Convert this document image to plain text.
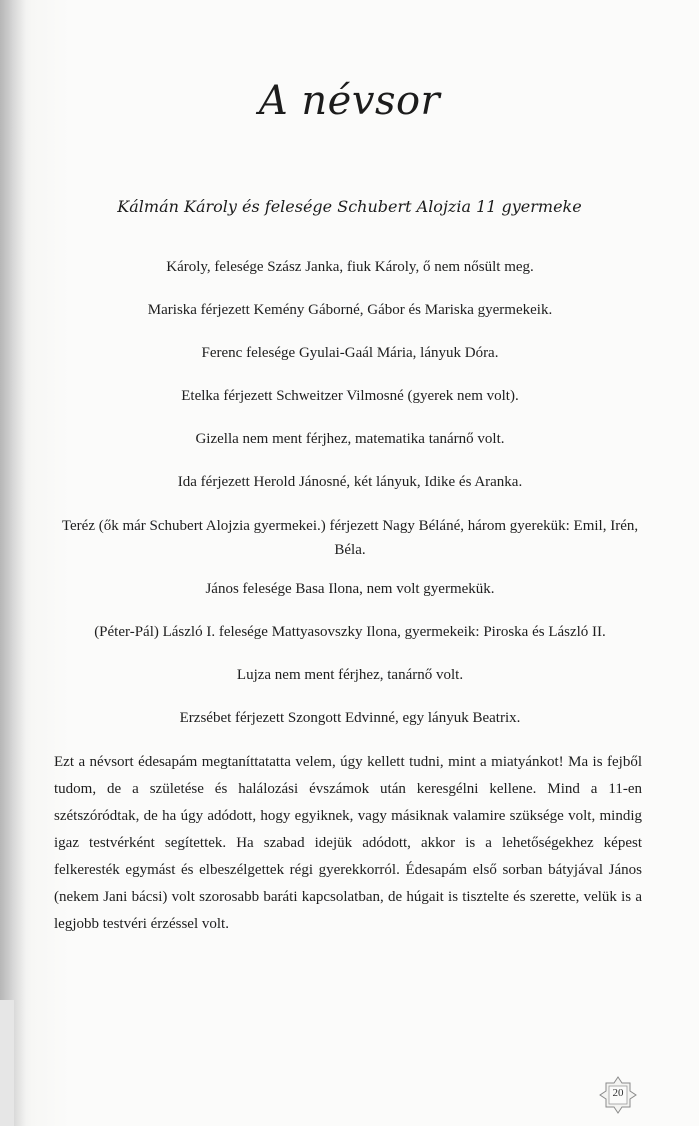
A névsor
Kálmán Károly és felesége Schubert Alojzia 11 gyermeke

Károly, felesége Szász Janka, fiuk Károly, ő nem nősült meg.

Mariska férjezett Kemény Gáborné, Gábor és Mariska gyermekeik.

Ferenc felesége Gyulai-Gaál Mária, lányuk Dóra.

Etelka férjezett Schweitzer Vilmosné (gyerek nem volt).

Gizella nem ment férjhez, matematika tanárnő volt.

Ida férjezett Herold Jánosné, két lányuk, Idike és Aranka.

Teréz (ők már Schubert Alojzia gyermekei.) férjezett Nagy Béláné, három gyerekük: Emil, Irén, Béla.

János felesége Basa Ilona, nem volt gyermekük.

(Péter-Pál) László I. felesége Mattyasovszky Ilona, gyermekeik: Piroska és László II.

Lujza nem ment férjhez, tanárnő volt.

Erzsébet férjezett Szongott Edvinné, egy lányuk Beatrix.

Ezt a névsort édesapám megtaníttatatta velem, úgy kellett tudni, mint a miatyánkot! Ma is fejből tudom, de a születése és halálozási évszámok után keresgélni kellene. Mind a 11-en szétszóródtak, de ha úgy adódott, hogy egyiknek, vagy másiknak valamire szüksége volt, mindig igaz testvérként segítettek. Ha szabad idejük adódott, akkor is a lehetőségekhez képest felkeresték egymást és elbeszélgettek régi gyerekkorról. Édesapám első sorban bátyjával János (nekem Jani bácsi) volt szorosabb baráti kapcsolatban, de húgait is tisztelte és szerette, velük is a legjobb testvéri érzéssel volt.

20
